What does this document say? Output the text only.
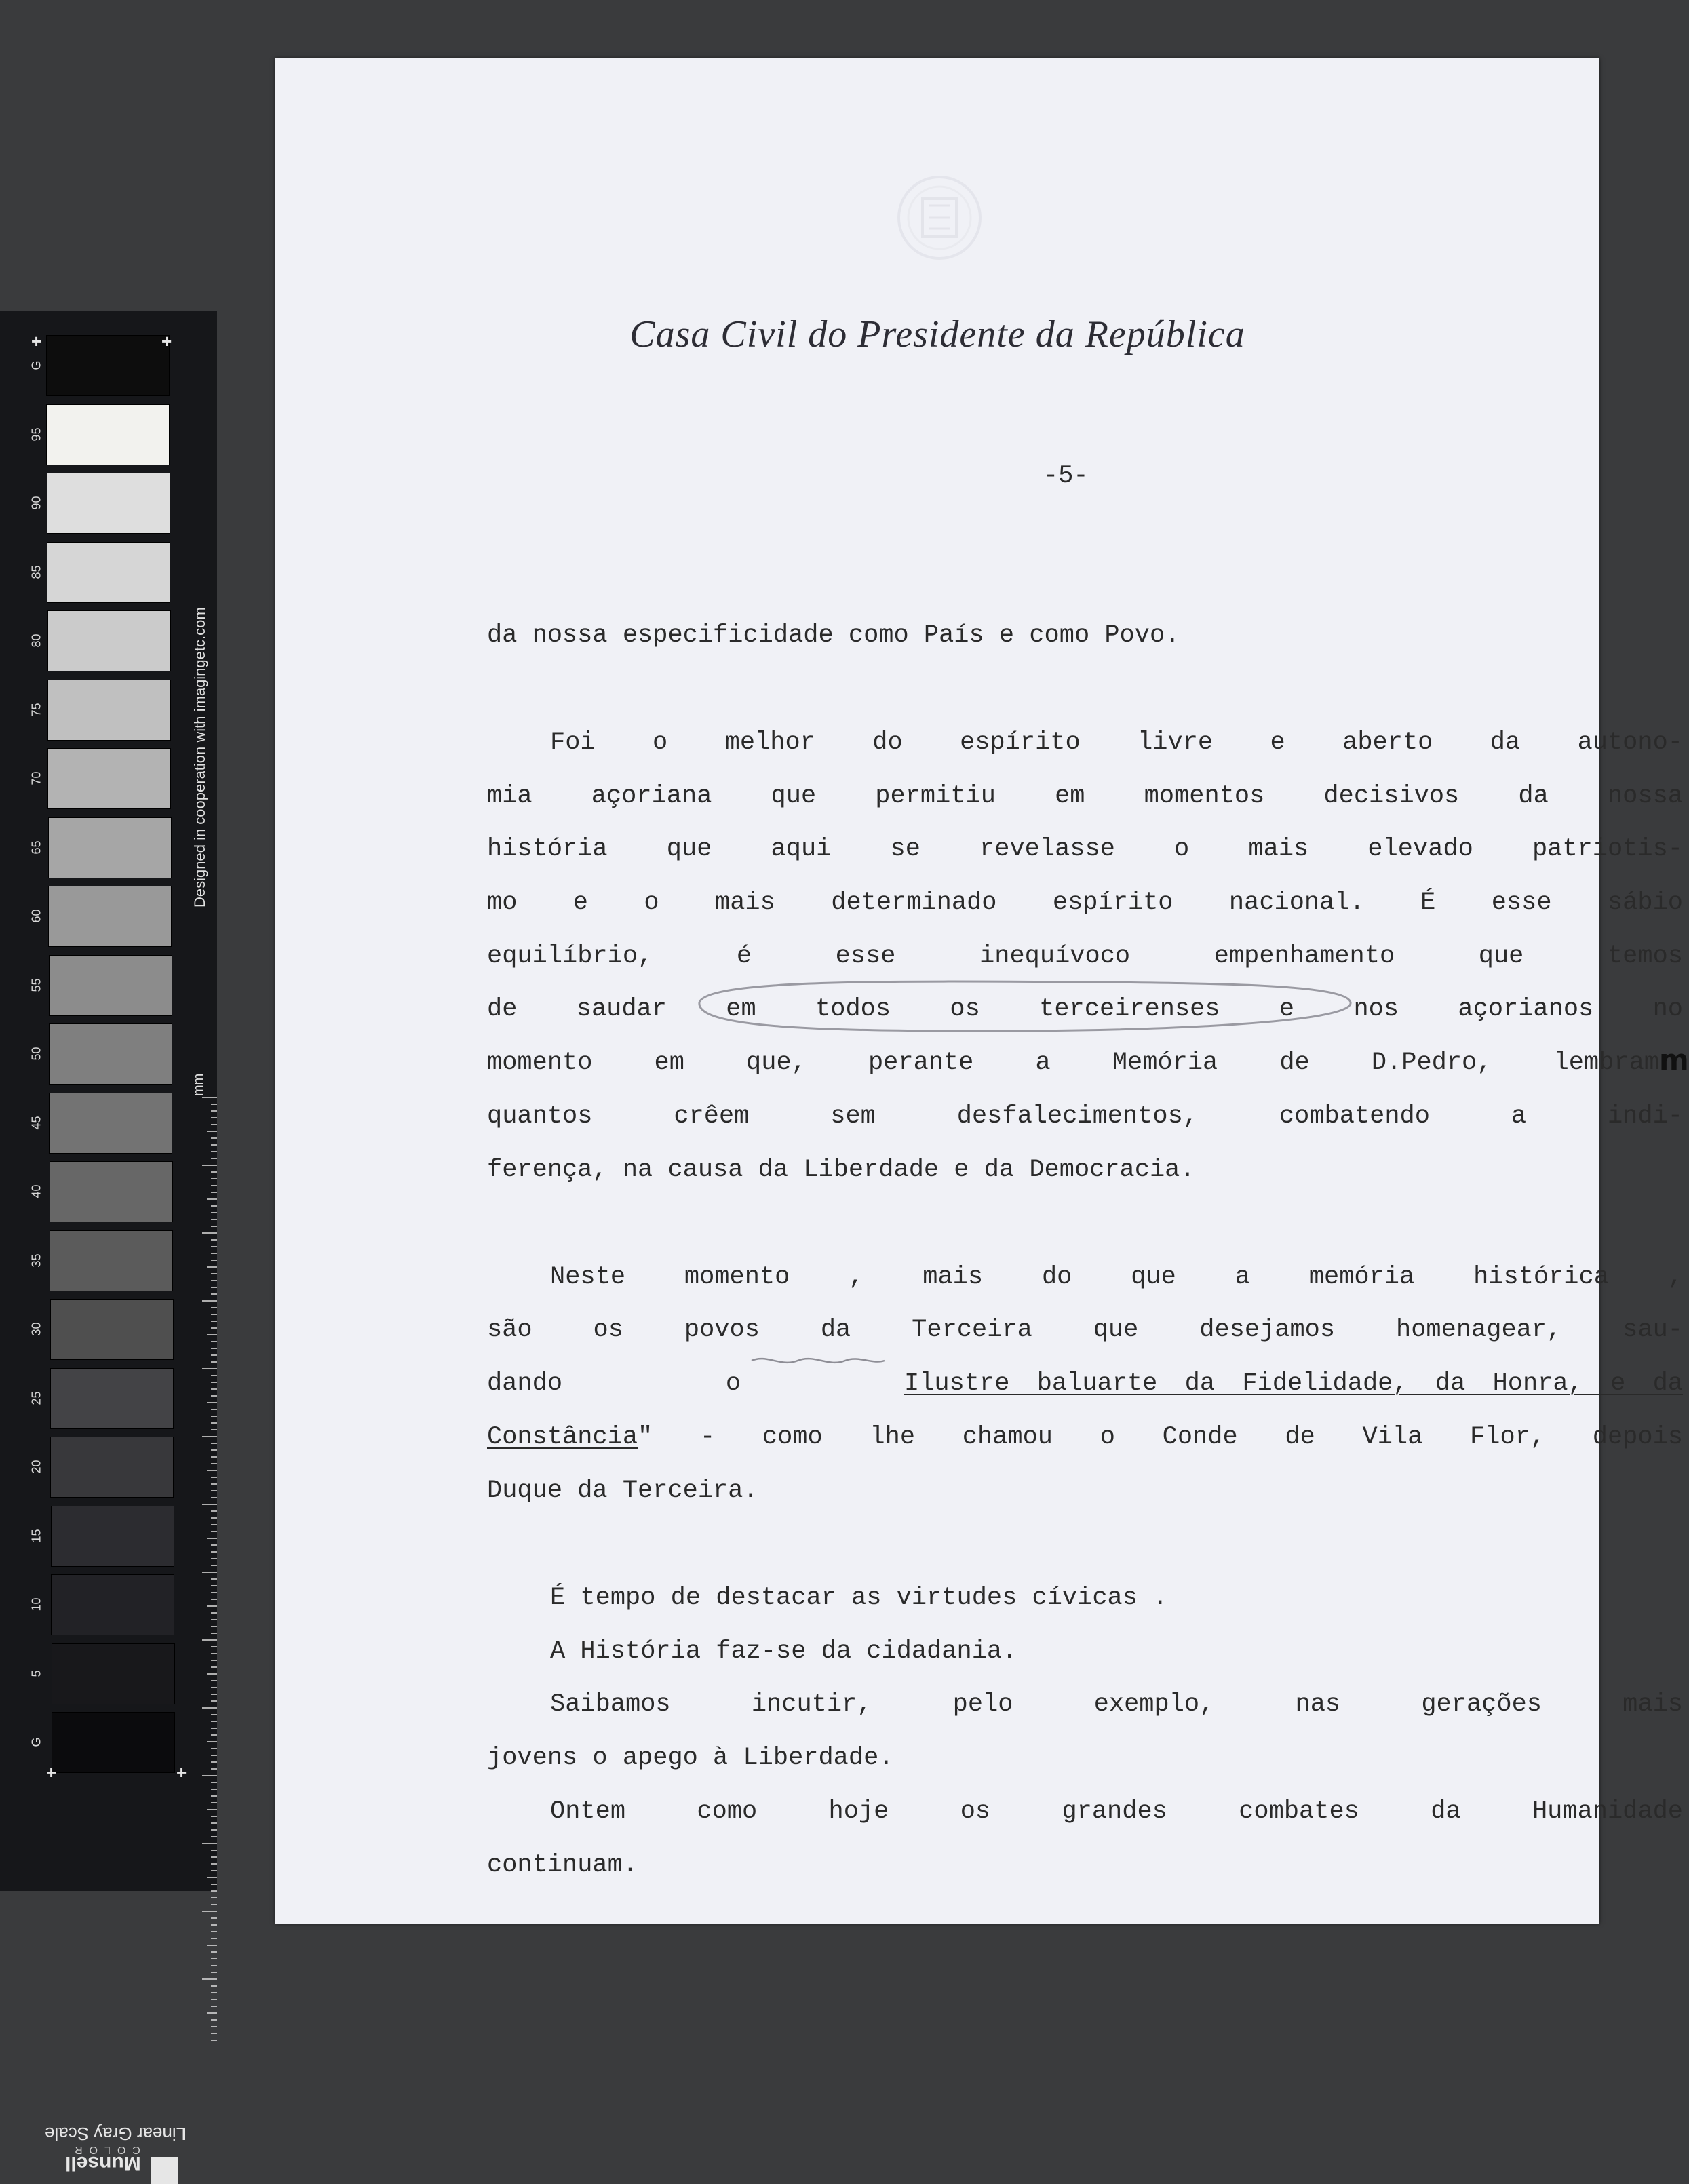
G
95
90
85
80
75
70
65
60
55
50
45
40
35
30
25
20
15
10
5
G
+	+
+	+
Designed in cooperation with imagingetc.com
mm
Linear Gray Scale
COLOR
Munsell
Casa Civil do Presidente da República
-5-
da nossa especificidade como País e como Povo.
Foi o melhor do espírito livre e aberto da autono-
mia açoriana que permitiu em momentos decisivos da nossa
história que aqui se revelasse o mais elevado patriotis-
mo e o mais determinado espírito nacional. É esse sábio
equilíbrio, é esse inequívoco empenhamento que temos
de saudar em todos os terceirenses e nos açorianos no
momento em que, perante a Memória de D.Pedro, lembram m
quantos crêem sem desfalecimentos, combatendo a indi-
ferença, na causa da Liberdade e da Democracia.
Neste momento , mais do que a memória histórica ,
são os povos da Terceira que desejamos homenagear, sau-
dando	o	Ilustre baluarte da Fidelidade, da Honra, e da
Constância " - como lhe chamou o Conde de Vila Flor, depois
Duque da Terceira.
É tempo de destacar as virtudes cívicas .
A História faz-se da cidadania.
Saibamos incutir, pelo exemplo, nas gerações mais
jovens o apego à Liberdade.
Ontem como hoje os grandes combates da Humanidade
continuam.
